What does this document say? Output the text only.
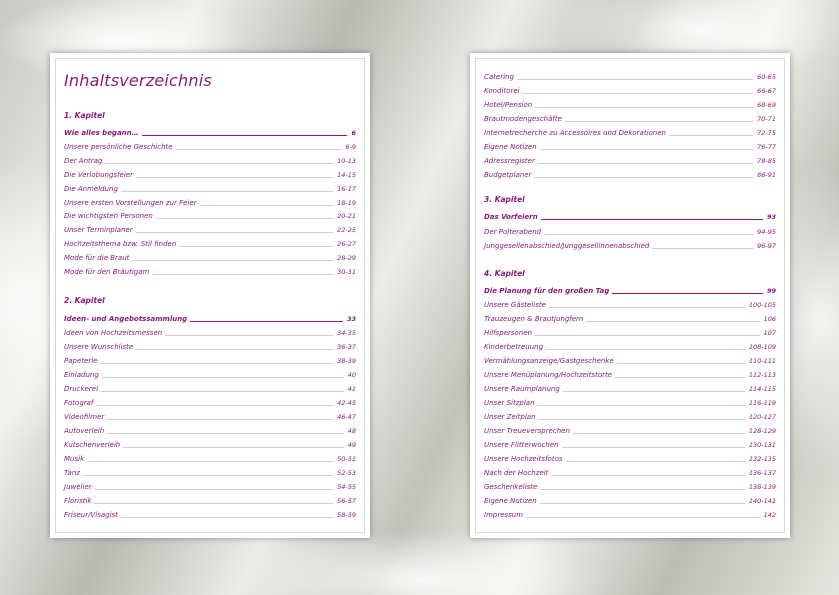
Inhaltsverzeichnis
1. Kapitel
Wie alles begann…	6
Unsere persönliche Geschichte	6-9
Der Antrag	10-13
Die Verlobungsfeier	14-15
Die Anmeldung	16-17
Unsere ersten Vorstellungen zur Feier	18-19
Die wichtigsten Personen	20-21
Unser Terminplaner	22-25
Hochzeitsthema bzw. Stil finden	26-27
Mode für die Braut	28-29
Mode für den Bräutigam	30-31
2. Kapitel
Ideen- und Angebotssammlung	33
Ideen von Hochzeitsmessen	34-35
Unsere Wunschliste	36-37
Papeterie	38-39
Einladung	40
Druckerei	41
Fotograf	42-45
Videofilmer	46-47
Autoverleih	48
Kutschenverleih	49
Musik	50-51
Tanz	52-53
Juwelier	54-55
Floristik	56-57
Friseur/Visagist	58-59
Catering	60-65
Konditorei	66-67
Hotel/Pension	68-69
Brautmodengeschäfte	70-71
Internetrecherche zu Accessoires und Dekorationen	72-75
Eigene Notizen	76-77
Adressregister	78-85
Budgetplaner	86-91
3. Kapitel
Das Vorfeiern	93
Der Polterabend	94-95
Junggesellenabschied/Junggesellinnenabschied	96-97
4. Kapitel
Die Planung für den großen Tag	99
Unsere Gästeliste	100-105
Trauzeugen & Brautjungfern	106
Hilfspersonen	107
Kinderbetreuung	108-109
Vermählungsanzeige/Gastgeschenke	110-111
Unsere Menüplanung/Hochzeitstorte	112-113
Unsere Raumplanung	114-115
Unser Sitzplan	116-119
Unser Zeitplan	120-127
Unser Treueversprechen	128-129
Unsere Flitterwochen	130-131
Unsere Hochzeitsfotos	132-135
Nach der Hochzeit	136-137
Geschenkeliste	138-139
Eigene Notizen	140-141
Impressum	142
